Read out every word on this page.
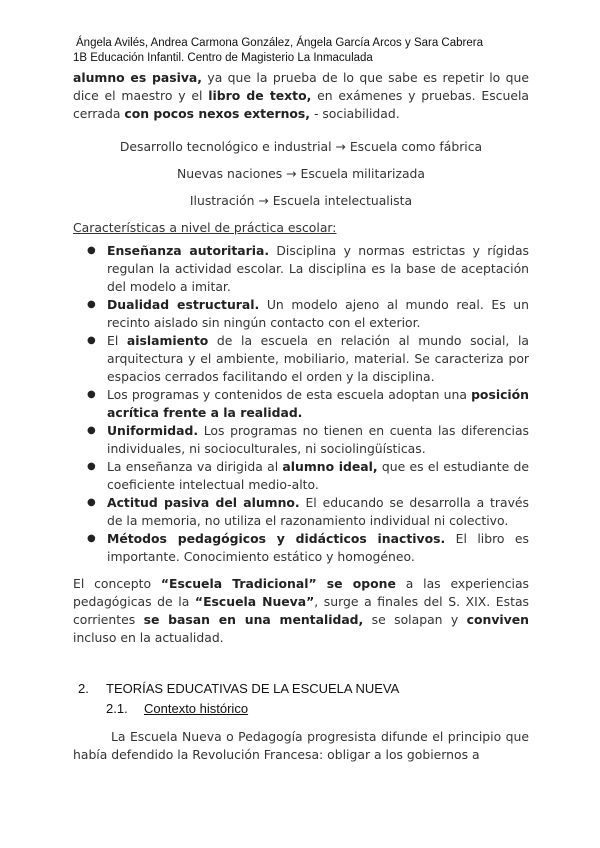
Ángela Avilés, Andrea Carmona González, Ángela García Arcos y Sara Cabrera
1B Educación Infantil. Centro de Magisterio La Inmaculada

alumno es pasiva, ya que la prueba de lo que sabe es repetir lo que dice el maestro y el libro de texto, en exámenes y pruebas. Escuela cerrada con pocos nexos externos, - sociabilidad.

Desarrollo tecnológico e industrial → Escuela como fábrica

Nuevas naciones → Escuela militarizada

Ilustración → Escuela intelectualista

Características a nivel de práctica escolar:

● Enseñanza autoritaria. Disciplina y normas estrictas y rígidas regulan la actividad escolar. La disciplina es la base de aceptación del modelo a imitar.
● Dualidad estructural. Un modelo ajeno al mundo real. Es un recinto aislado sin ningún contacto con el exterior.
● El aislamiento de la escuela en relación al mundo social, la arquitectura y el ambiente, mobiliario, material. Se caracteriza por espacios cerrados facilitando el orden y la disciplina.
● Los programas y contenidos de esta escuela adoptan una posición acrítica frente a la realidad.
● Uniformidad. Los programas no tienen en cuenta las diferencias individuales, ni socioculturales, ni sociolingüísticas.
● La enseñanza va dirigida al alumno ideal, que es el estudiante de coeficiente intelectual medio-alto.
● Actitud pasiva del alumno. El educando se desarrolla a través de la memoria, no utiliza el razonamiento individual ni colectivo.
● Métodos pedagógicos y didácticos inactivos. El libro es importante. Conocimiento estático y homogéneo.

El concepto “Escuela Tradicional” se opone a las experiencias pedagógicas de la “Escuela Nueva”, surge a finales del S. XIX. Estas corrientes se basan en una mentalidad, se solapan y conviven incluso en la actualidad.

2. TEORÍAS EDUCATIVAS DE LA ESCUELA NUEVA
2.1. Contexto histórico

La Escuela Nueva o Pedagogía progresista difunde el principio que había defendido la Revolución Francesa: obligar a los gobiernos a
